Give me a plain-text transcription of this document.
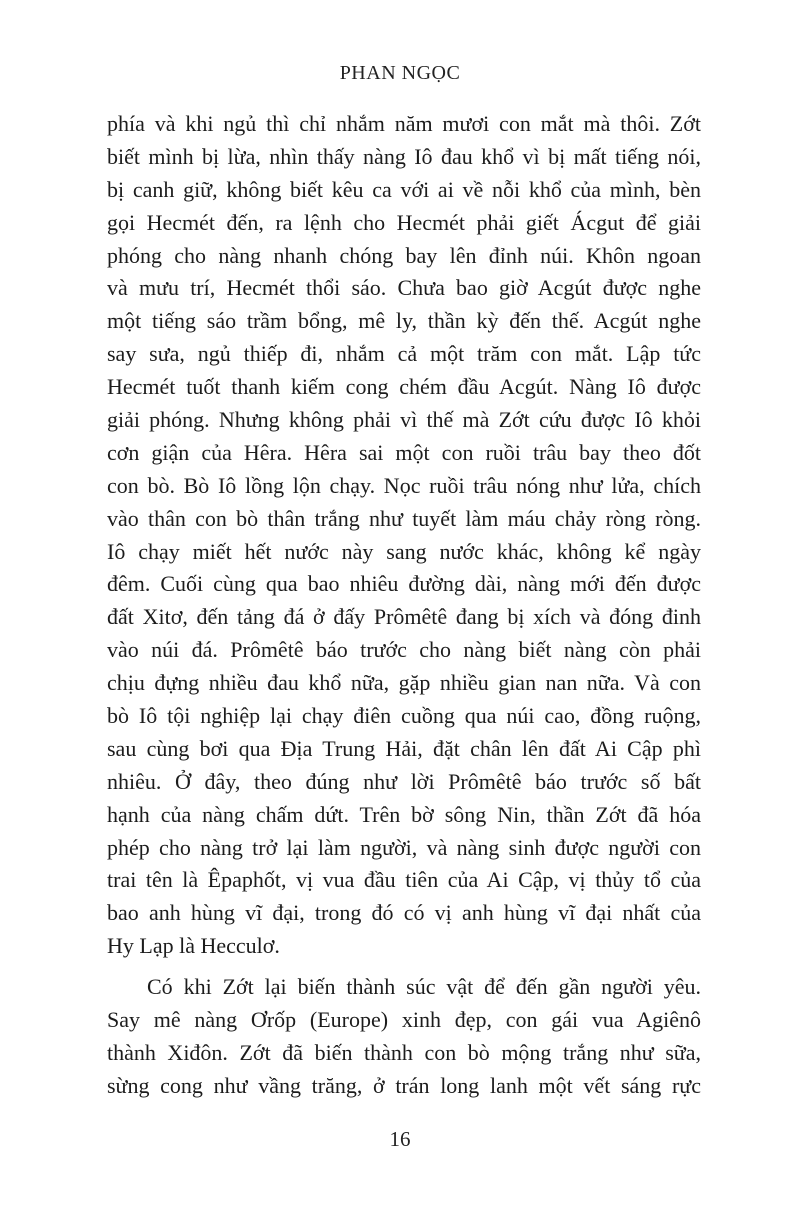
PHAN NGỌC
phía và khi ngủ thì chỉ nhắm năm mươi con mắt mà thôi. Zớt
biết mình bị lừa, nhìn thấy nàng Iô đau khổ vì bị mất tiếng nói,
bị canh giữ, không biết kêu ca với ai về nỗi khổ của mình, bèn
gọi Hecmét đến, ra lệnh cho Hecmét phải giết Ácgut để giải
phóng cho nàng nhanh chóng bay lên đỉnh núi. Khôn ngoan
và mưu trí, Hecmét thổi sáo. Chưa bao giờ Acgút được nghe
một tiếng sáo trầm bổng, mê ly, thần kỳ đến thế. Acgút nghe
say sưa, ngủ thiếp đi, nhắm cả một trăm con mắt. Lập tức
Hecmét tuốt thanh kiếm cong chém đầu Acgút. Nàng Iô được
giải phóng. Nhưng không phải vì thế mà Zớt cứu được Iô khỏi
cơn giận của Hêra. Hêra sai một con ruồi trâu bay theo đốt
con bò. Bò Iô lồng lộn chạy. Nọc ruồi trâu nóng như lửa, chích
vào thân con bò thân trắng như tuyết làm máu chảy ròng ròng.
Iô chạy miết hết nước này sang nước khác, không kể ngày
đêm. Cuối cùng qua bao nhiêu đường dài, nàng mới đến được
đất Xitơ, đến tảng đá ở đấy Prômêtê đang bị xích và đóng đinh
vào núi đá. Prômêtê báo trước cho nàng biết nàng còn phải
chịu đựng nhiều đau khổ nữa, gặp nhiều gian nan nữa. Và con
bò Iô tội nghiệp lại chạy điên cuồng qua núi cao, đồng ruộng,
sau cùng bơi qua Địa Trung Hải, đặt chân lên đất Ai Cập phì
nhiêu. Ở đây, theo đúng như lời Prômêtê báo trước số bất
hạnh của nàng chấm dứt. Trên bờ sông Nin, thần Zớt đã hóa
phép cho nàng trở lại làm người, và nàng sinh được người con
trai tên là Êpaphốt, vị vua đầu tiên của Ai Cập, vị thủy tổ của
bao anh hùng vĩ đại, trong đó có vị anh hùng vĩ đại nhất của
Hy Lạp là Hecculơ.
Có khi Zớt lại biến thành súc vật để đến gần người yêu.
Say mê nàng Ơrốp (Europe) xinh đẹp, con gái vua Agiênô
thành Xiđôn. Zớt đã biến thành con bò mộng trắng như sữa,
sừng cong như vầng trăng, ở trán long lanh một vết sáng rực
16
